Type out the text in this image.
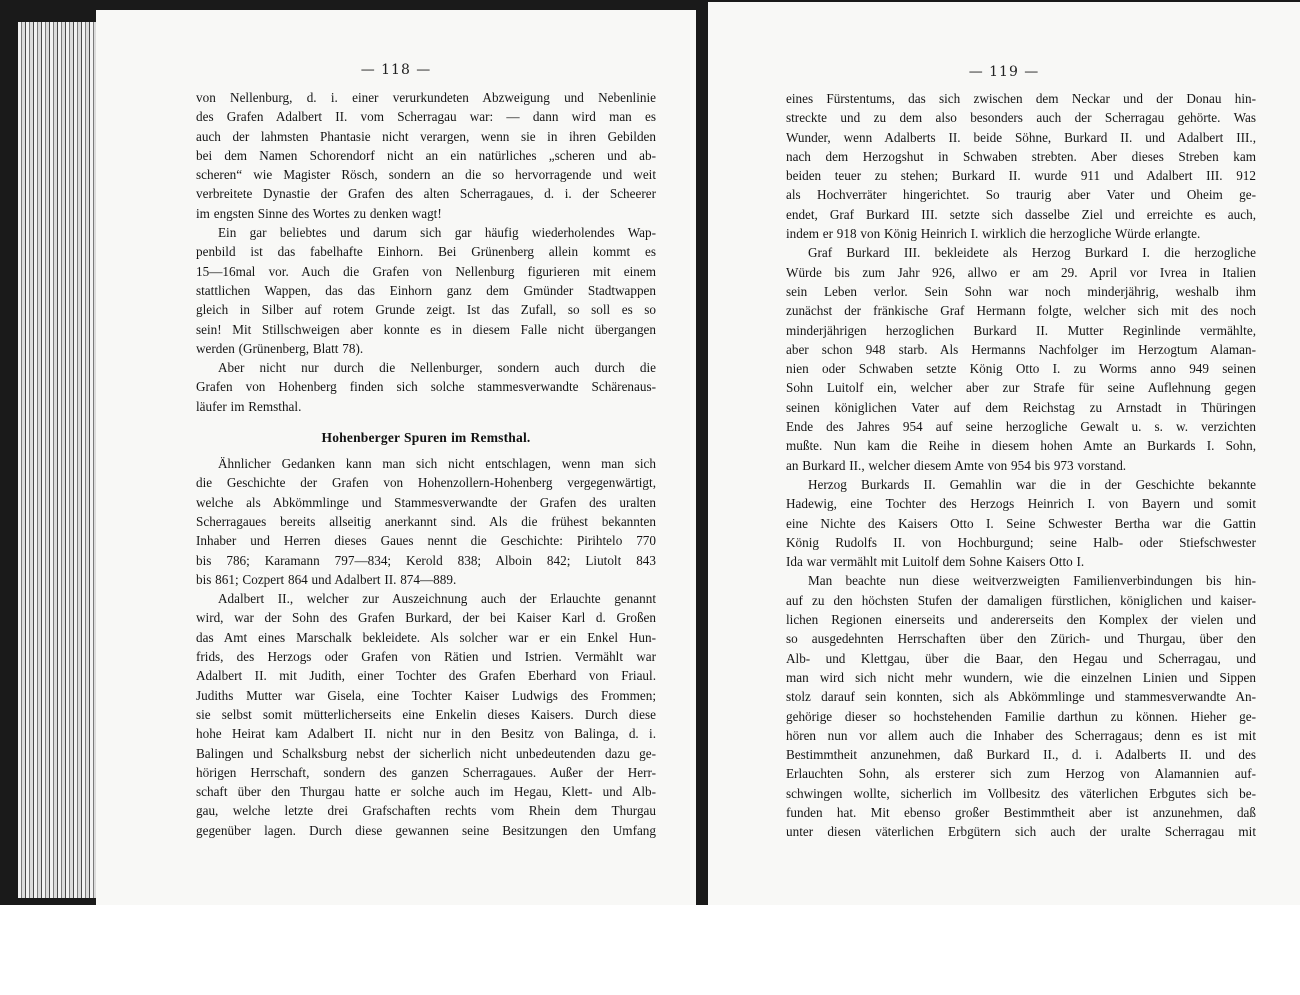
— 118 —
von Nellenburg, d. i. einer verurkundeten Abzweigung und Nebenlinie
des Grafen Adalbert II. vom Scherragau war: — dann wird man es
auch der lahmsten Phantasie nicht verargen, wenn sie in ihren Gebilden
bei dem Namen Schorendorf nicht an ein natürliches „scheren und ab-
scheren“ wie Magister Rösch, sondern an die so hervorragende und weit
verbreitete Dynastie der Grafen des alten Scherragaues, d. i. der Scheerer
im engsten Sinne des Wortes zu denken wagt!
Ein gar beliebtes und darum sich gar häufig wiederholendes Wap-
penbild ist das fabelhafte Einhorn. Bei Grünenberg allein kommt es
15—16mal vor. Auch die Grafen von Nellenburg figurieren mit einem
stattlichen Wappen, das das Einhorn ganz dem Gmünder Stadtwappen
gleich in Silber auf rotem Grunde zeigt. Ist das Zufall, so soll es so
sein! Mit Stillschweigen aber konnte es in diesem Falle nicht übergangen
werden (Grünenberg, Blatt 78).
Aber nicht nur durch die Nellenburger, sondern auch durch die
Grafen von Hohenberg finden sich solche stammesverwandte Schärenaus-
läufer im Remsthal.
Hohenberger Spuren im Remsthal.
Ähnlicher Gedanken kann man sich nicht entschlagen, wenn man sich
die Geschichte der Grafen von Hohenzollern-Hohenberg vergegenwärtigt,
welche als Abkömmlinge und Stammesverwandte der Grafen des uralten
Scherragaues bereits allseitig anerkannt sind. Als die frühest bekannten
Inhaber und Herren dieses Gaues nennt die Geschichte: Pirihtelo 770
bis 786; Karamann 797—834; Kerold 838; Alboin 842; Liutolt 843
bis 861; Cozpert 864 und Adalbert II. 874—889.
Adalbert II., welcher zur Auszeichnung auch der Erlauchte genannt
wird, war der Sohn des Grafen Burkard, der bei Kaiser Karl d. Großen
das Amt eines Marschalk bekleidete. Als solcher war er ein Enkel Hun-
frids, des Herzogs oder Grafen von Rätien und Istrien. Vermählt war
Adalbert II. mit Judith, einer Tochter des Grafen Eberhard von Friaul.
Judiths Mutter war Gisela, eine Tochter Kaiser Ludwigs des Frommen;
sie selbst somit mütterlicherseits eine Enkelin dieses Kaisers. Durch diese
hohe Heirat kam Adalbert II. nicht nur in den Besitz von Balinga, d. i.
Balingen und Schalksburg nebst der sicherlich nicht unbedeutenden dazu ge-
hörigen Herrschaft, sondern des ganzen Scherragaues. Außer der Herr-
schaft über den Thurgau hatte er solche auch im Hegau, Klett- und Alb-
gau, welche letzte drei Grafschaften rechts vom Rhein dem Thurgau
gegenüber lagen. Durch diese gewannen seine Besitzungen den Umfang
— 119 —
eines Fürstentums, das sich zwischen dem Neckar und der Donau hin-
streckte und zu dem also besonders auch der Scherragau gehörte. Was
Wunder, wenn Adalberts II. beide Söhne, Burkard II. und Adalbert III.,
nach dem Herzogshut in Schwaben strebten. Aber dieses Streben kam
beiden teuer zu stehen; Burkard II. wurde 911 und Adalbert III. 912
als Hochverräter hingerichtet. So traurig aber Vater und Oheim ge-
endet, Graf Burkard III. setzte sich dasselbe Ziel und erreichte es auch,
indem er 918 von König Heinrich I. wirklich die herzogliche Würde erlangte.
Graf Burkard III. bekleidete als Herzog Burkard I. die herzogliche
Würde bis zum Jahr 926, allwo er am 29. April vor Ivrea in Italien
sein Leben verlor. Sein Sohn war noch minderjährig, weshalb ihm
zunächst der fränkische Graf Hermann folgte, welcher sich mit des noch
minderjährigen herzoglichen Burkard II. Mutter Reginlinde vermählte,
aber schon 948 starb. Als Hermanns Nachfolger im Herzogtum Alaman-
nien oder Schwaben setzte König Otto I. zu Worms anno 949 seinen
Sohn Luitolf ein, welcher aber zur Strafe für seine Auflehnung gegen
seinen königlichen Vater auf dem Reichstag zu Arnstadt in Thüringen
Ende des Jahres 954 auf seine herzogliche Gewalt u. s. w. verzichten
mußte. Nun kam die Reihe in diesem hohen Amte an Burkards I. Sohn,
an Burkard II., welcher diesem Amte von 954 bis 973 vorstand.
Herzog Burkards II. Gemahlin war die in der Geschichte bekannte
Hadewig, eine Tochter des Herzogs Heinrich I. von Bayern und somit
eine Nichte des Kaisers Otto I. Seine Schwester Bertha war die Gattin
König Rudolfs II. von Hochburgund; seine Halb- oder Stiefschwester
Ida war vermählt mit Luitolf dem Sohne Kaisers Otto I.
Man beachte nun diese weitverzweigten Familienverbindungen bis hin-
auf zu den höchsten Stufen der damaligen fürstlichen, königlichen und kaiser-
lichen Regionen einerseits und andererseits den Komplex der vielen und
so ausgedehnten Herrschaften über den Zürich- und Thurgau, über den
Alb- und Klettgau, über die Baar, den Hegau und Scherragau, und
man wird sich nicht mehr wundern, wie die einzelnen Linien und Sippen
stolz darauf sein konnten, sich als Abkömmlinge und stammesverwandte An-
gehörige dieser so hochstehenden Familie darthun zu können. Hieher ge-
hören nun vor allem auch die Inhaber des Scherragaus; denn es ist mit
Bestimmtheit anzunehmen, daß Burkard II., d. i. Adalberts II. und des
Erlauchten Sohn, als ersterer sich zum Herzog von Alamannien auf-
schwingen wollte, sicherlich im Vollbesitz des väterlichen Erbgutes sich be-
funden hat. Mit ebenso großer Bestimmtheit aber ist anzunehmen, daß
unter diesen väterlichen Erbgütern sich auch der uralte Scherragau mit
